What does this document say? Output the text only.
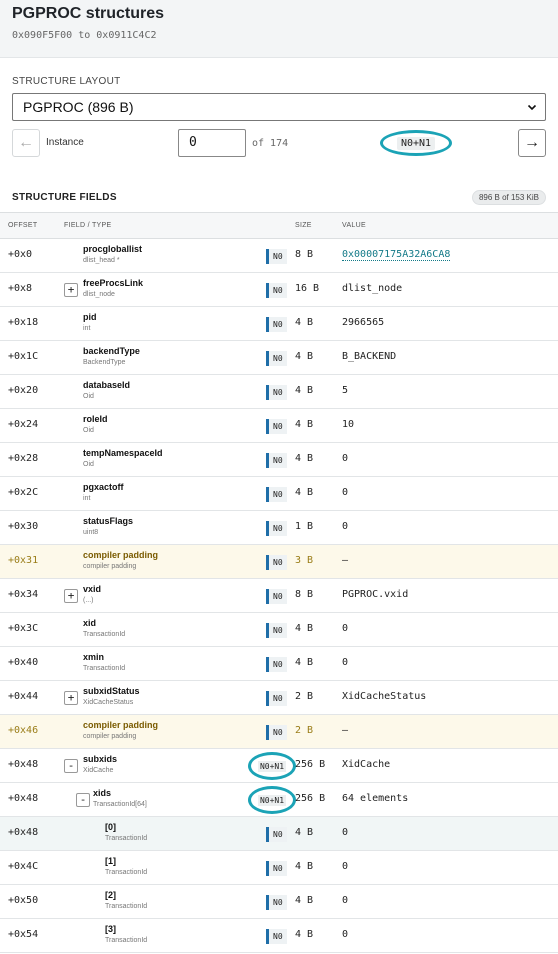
PGPROC structures
0x090F5F00 to 0x0911C4C2
STRUCTURE LAYOUT
PGPROC (896 B)
← Instance	0	of 174	N0+N1	→
STRUCTURE FIELDS	896 B of 153 KiB
OFFSET	FIELD / TYPE	SIZE	VALUE
+0x0	procgloballist
dlist_head *	N0 8 B	0x00007175A32A6CA8
+0x8	+ freeProcsLink
dlist_node	N0 16 B dlist_node
+0x18	pid
int	N0 4 B	2966565
+0x1C	backendType
BackendType	N0 4 B	B_BACKEND
+0x20	databaseId
Oid	N0 4 B	5
+0x24	roleId
Oid	N0 4 B	10
+0x28	tempNamespaceId
Oid	N0 4 B	0
+0x2C	pgxactoff
int	N0 4 B	0
+0x30	statusFlags
uint8	N0 1 B	0
+0x31	compiler padding
compiler padding	N0 3 B	–
+0x34	+ vxid
(...)	N0 8 B	PGPROC.vxid
+0x3C	xid
TransactionId	N0 4 B	0
+0x40	xmin
TransactionId	N0 4 B	0
+0x44	+ subxidStatus
XidCacheStatus	N0 2 B	XidCacheStatus
+0x46	compiler padding
compiler padding	N0 2 B	–
+0x48	- subxids
XidCache	N0+N1 256 B XidCache
+0x48	- xids
TransactionId[64]	N0+N1 256 B 64 elements
+0x48	[0]
TransactionId	N0 4 B	0
+0x4C	[1]
TransactionId	N0 4 B	0
+0x50	[2]
TransactionId	N0 4 B	0
+0x54	[3]
TransactionId	N0 4 B	0
